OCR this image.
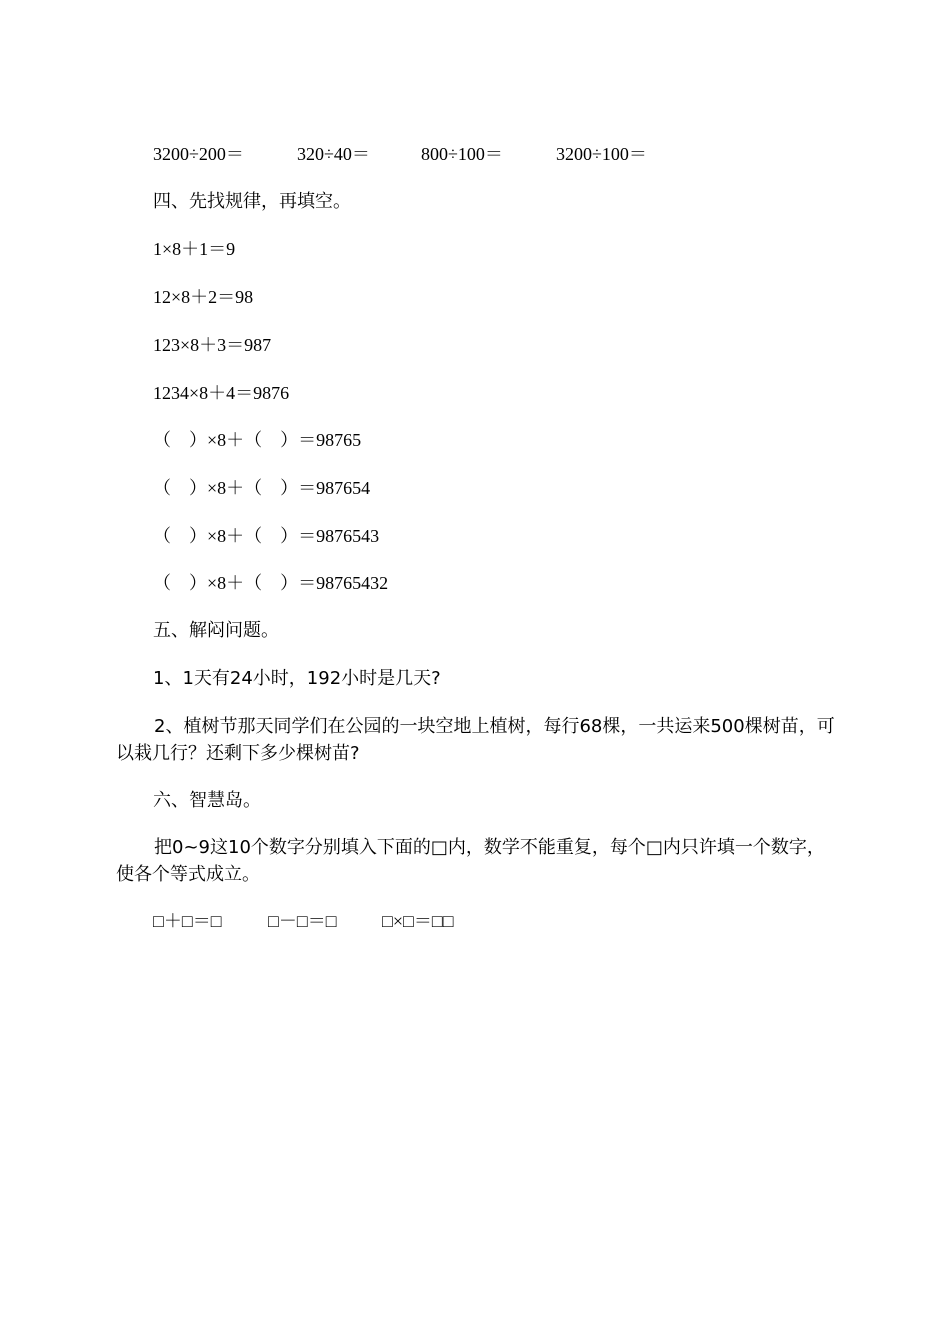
3200÷200＝	320÷40＝	800÷100＝	3200÷100＝
四、先找规律，再填空。
1×8＋1＝9
12×8＋2＝98
123×8＋3＝987
1234×8＋4＝9876
（    ）×8＋（    ）＝98765
（    ）×8＋（    ）＝987654
（    ）×8＋（    ）＝9876543
（    ）×8＋（    ）＝98765432
五、解闷问题。
1、1天有24小时，192小时是几天?
2、植树节那天同学们在公园的一块空地上植树，每行68棵，一共运来500棵树苗，可以栽几行？还剩下多少棵树苗?
六、智慧岛。
把0~9这10个数字分别填入下面的□内，数学不能重复，每个□内只许填一个数字，使各个等式成立。
□＋□＝□	□－□＝□	□×□＝□□
